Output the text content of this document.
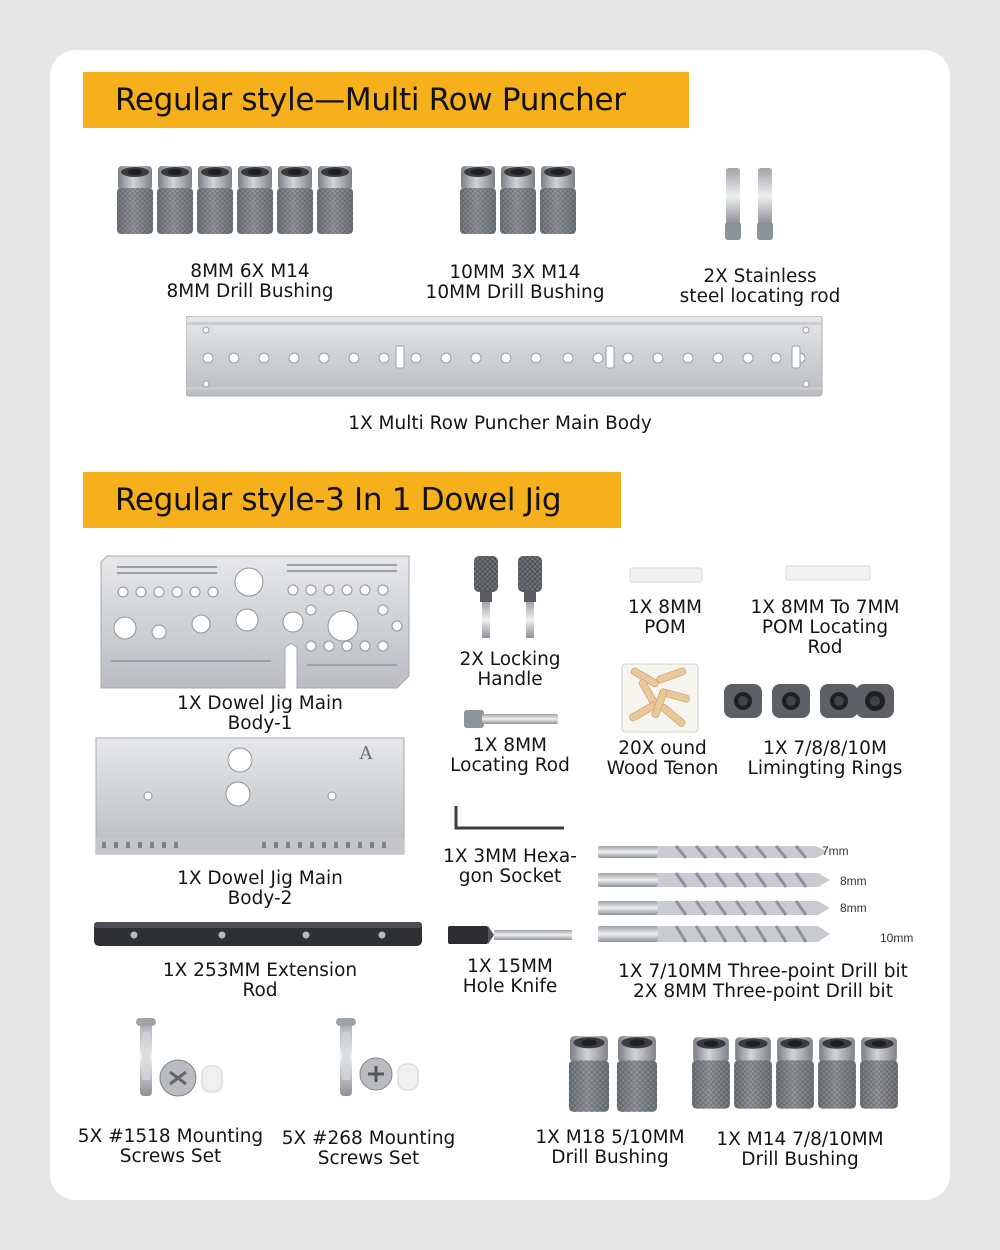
Regular style—Multi Row Puncher
8MM 6X M14
8MM Drill Bushing
10MM 3X M14
10MM Drill Bushing
2X Stainless
steel locating rod
1X Multi Row Puncher Main Body
Regular style-3 In 1 Dowel Jig
1X Dowel Jig Main
Body-1
A
1X Dowel Jig Main
Body-2
1X 253MM Extension
Rod
2X Locking
Handle
1X 8MM
Locating Rod
1X 3MM Hexa-
gon Socket
1X 15MM
Hole Knife
1X 8MM
POM
1X 8MM To 7MM
POM Locating
Rod
20X ound
Wood Tenon
1X 7/8/8/10M
Limingting Rings
7mm
8mm
8mm
10mm
1X 7/10MM Three-point Drill bit
2X 8MM Three-point Drill bit
5X #1518 Mounting
Screws Set
5X #268 Mounting
Screws Set
1X M18 5/10MM
Drill Bushing
1X M14 7/8/10MM
Drill Bushing
